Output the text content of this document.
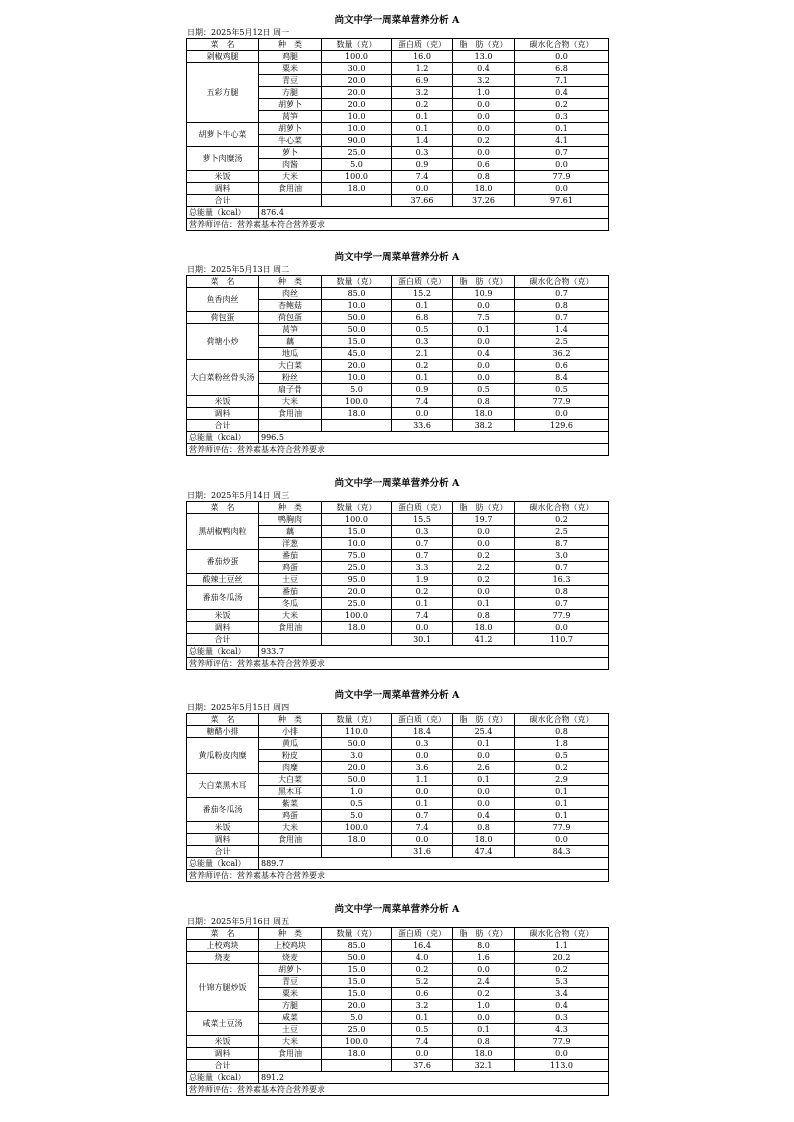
尚文中学一周菜单营养分析 A
日期：2025年5月12日 周一
菜　名	种　类	数量（克）	蛋白质（克）	脂　肪（克）	碳水化合物（克）
剁椒鸡腿	鸡腿	100.0	16.0	13.0	0.0
五彩方腿	粟米	30.0	1.2	0.4	6.8
	青豆	20.0	6.9	3.2	7.1
	方腿	20.0	3.2	1.0	0.4
	胡萝卜	20.0	0.2	0.0	0.2
	莴笋	10.0	0.1	0.0	0.3
胡萝卜牛心菜	胡萝卜	10.0	0.1	0.0	0.1
	牛心菜	90.0	1.4	0.2	4.1
萝卜肉糜汤	萝卜	25.0	0.3	0.0	0.7
	肉酱	5.0	0.9	0.6	0.0
米饭	大米	100.0	7.4	0.8	77.9
调料	食用油	18.0	0.0	18.0	0.0
合计			37.66	37.26	97.61
总能量（kcal）	876.4				
营养师评估：营养素基本符合营养要求					
尚文中学一周菜单营养分析 A
日期：2025年5月13日 周二
菜　名	种　类	数量（克）	蛋白质（克）	脂　肪（克）	碳水化合物（克）
鱼香肉丝	肉丝	85.0	15.2	10.9	0.7
	杏鲍菇	10.0	0.1	0.0	0.8
荷包蛋	荷包蛋	50.0	6.8	7.5	0.7
荷塘小炒	莴笋	50.0	0.5	0.1	1.4
	藕	15.0	0.3	0.0	2.5
	地瓜	45.0	2.1	0.4	36.2
大白菜粉丝骨头汤	大白菜	20.0	0.2	0.0	0.6
	粉丝	10.0	0.1	0.0	8.4
	扇子骨	5.0	0.9	0.5	0.5
米饭	大米	100.0	7.4	0.8	77.9
调料	食用油	18.0	0.0	18.0	0.0
合计			33.6	38.2	129.6
总能量（kcal）	996.5				
营养师评估：营养素基本符合营养要求					
尚文中学一周菜单营养分析 A
日期：2025年5月14日 周三
菜　名	种　类	数量（克）	蛋白质（克）	脂　肪（克）	碳水化合物（克）
黑胡椒鸭肉粒	鸭胸肉	100.0	15.5	19.7	0.2
	藕	15.0	0.3	0.0	2.5
	洋葱	10.0	0.7	0.0	8.7
番茄炒蛋	番茄	75.0	0.7	0.2	3.0
	鸡蛋	25.0	3.3	2.2	0.7
酸辣土豆丝	土豆	95.0	1.9	0.2	16.3
番茄冬瓜汤	番茄	20.0	0.2	0.0	0.8
	冬瓜	25.0	0.1	0.1	0.7
米饭	大米	100.0	7.4	0.8	77.9
调料	食用油	18.0	0.0	18.0	0.0
合计			30.1	41.2	110.7
总能量（kcal）	933.7				
营养师评估：营养素基本符合营养要求					
尚文中学一周菜单营养分析 A
日期：2025年5月15日 周四
菜　名	种　类	数量（克）	蛋白质（克）	脂　肪（克）	碳水化合物（克）
糖醋小排	小排	110.0	18.4	25.4	0.8
黄瓜粉皮肉糜	黄瓜	50.0	0.3	0.1	1.8
	粉皮	3.0	0.0	0.0	0.5
	肉糜	20.0	3.6	2.6	0.2
大白菜黑木耳	大白菜	50.0	1.1	0.1	2.9
	黑木耳	1.0	0.0	0.0	0.1
番茄冬瓜汤	紫菜	0.5	0.1	0.0	0.1
	鸡蛋	5.0	0.7	0.4	0.1
米饭	大米	100.0	7.4	0.8	77.9
调料	食用油	18.0	0.0	18.0	0.0
合计			31.6	47.4	84.3
总能量（kcal）	889.7				
营养师评估：营养素基本符合营养要求					
尚文中学一周菜单营养分析 A
日期：2025年5月16日 周五
菜　名	种　类	数量（克）	蛋白质（克）	脂　肪（克）	碳水化合物（克）
上校鸡块	上校鸡块	85.0	16.4	8.0	1.1
烧麦	烧麦	50.0	4.0	1.6	20.2
什锦方腿炒饭	胡萝卜	15.0	0.2	0.0	0.2
	青豆	15.0	5.2	2.4	5.3
	粟米	15.0	0.6	0.2	3.4
	方腿	20.0	3.2	1.0	0.4
咸菜土豆汤	咸菜	5.0	0.1	0.0	0.3
	土豆	25.0	0.5	0.1	4.3
米饭	大米	100.0	7.4	0.8	77.9
调料	食用油	18.0	0.0	18.0	0.0
合计			37.6	32.1	113.0
总能量（kcal）	891.2				
营养师评估：营养素基本符合营养要求					
